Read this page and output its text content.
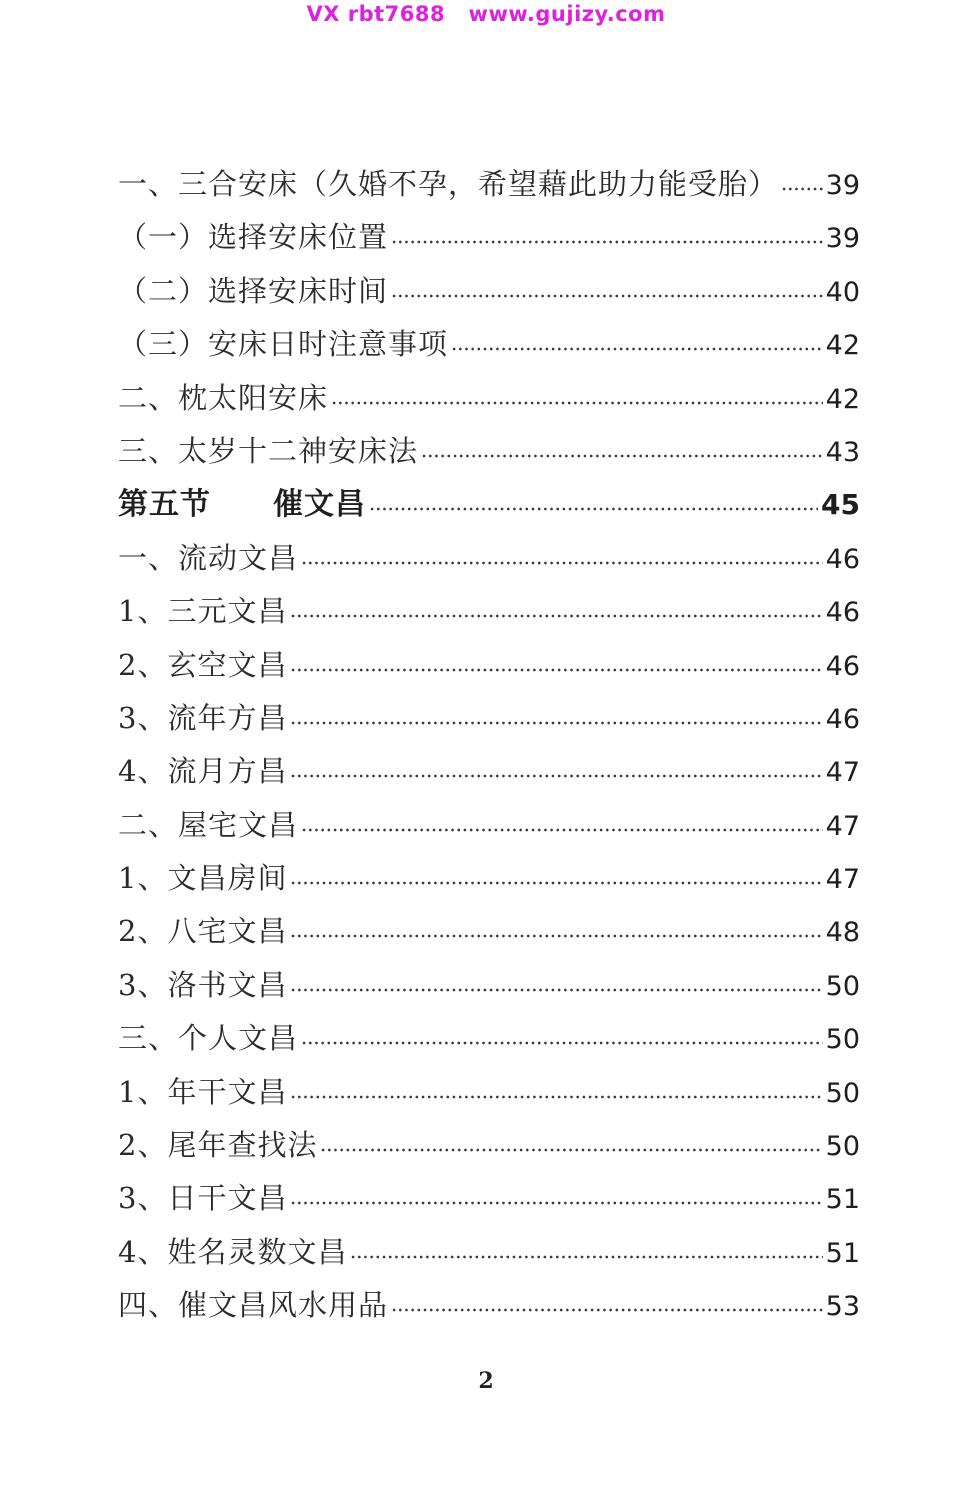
VX rbt7688   www.gujizy.com
一、三合安床（久婚不孕，希望藉此助力能受胎） 39
（一）选择安床位置	39
（二）选择安床时间	40
（三）安床日时注意事项	42
二、枕太阳安床	42
三、太岁十二神安床法	43
第五节　　催文昌	45
一、流动文昌	46
1、三元文昌	46
2、玄空文昌	46
3、流年方昌	46
4、流月方昌	47
二、屋宅文昌	47
1、文昌房间	47
2、八宅文昌	48
3、洛书文昌	50
三、个人文昌	50
1、年干文昌	50
2、尾年查找法	50
3、日干文昌	51
4、姓名灵数文昌	51
四、催文昌风水用品	53
2
